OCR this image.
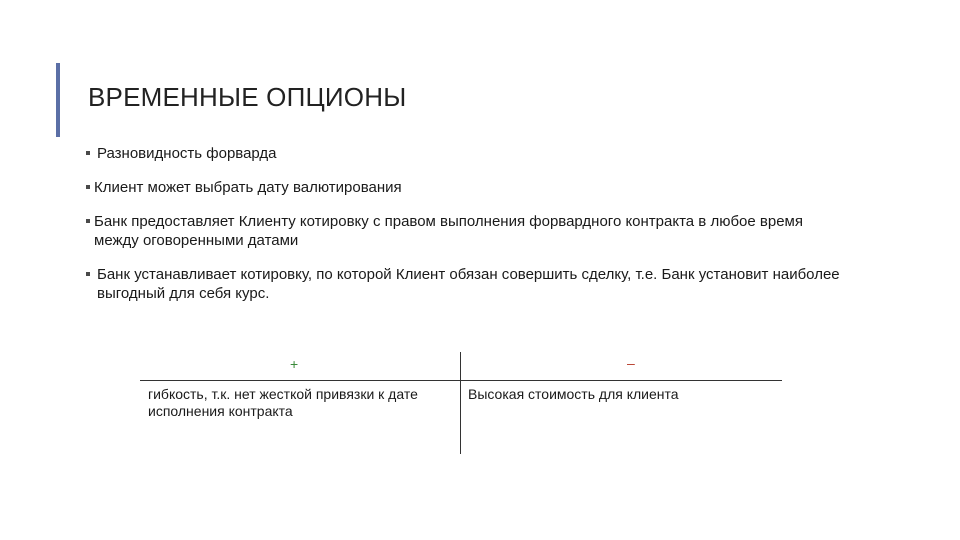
ВРЕМЕННЫЕ ОПЦИОНЫ
Разновидность форварда
Клиент может выбрать дату валютирования
Банк предоставляет Клиенту котировку с правом выполнения форвардного контракта в любое время между оговоренными датами
Банк устанавливает котировку, по которой Клиент обязан совершить сделку, т.е. Банк установит наиболее выгодный для себя курс.
+	–
гибкость, т.к. нет жесткой привязки к дате исполнения контракта
Высокая стоимость для клиента
